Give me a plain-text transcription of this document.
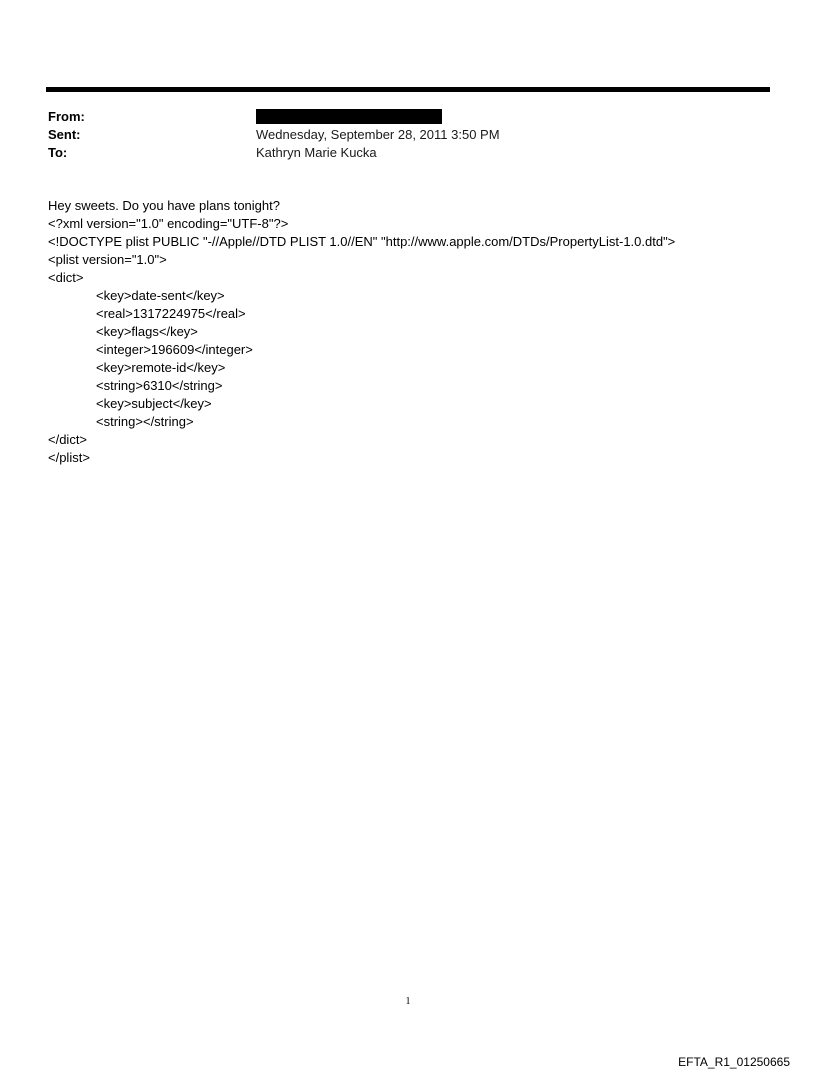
From:
Sent:	Wednesday, September 28, 2011 3:50 PM
To:	Kathryn Marie Kucka
Hey sweets. Do you have plans tonight?
<?xml version="1.0" encoding="UTF-8"?>
<!DOCTYPE plist PUBLIC "-//Apple//DTD PLIST 1.0//EN" "http://www.apple.com/DTDs/PropertyList-1.0.dtd">
<plist version="1.0">
<dict>
<key>date-sent</key>
<real>1317224975</real>
<key>flags</key>
<integer>196609</integer>
<key>remote-id</key>
<string>6310</string>
<key>subject</key>
<string></string>
</dict>
</plist>
1
EFTA_R1_01250665
